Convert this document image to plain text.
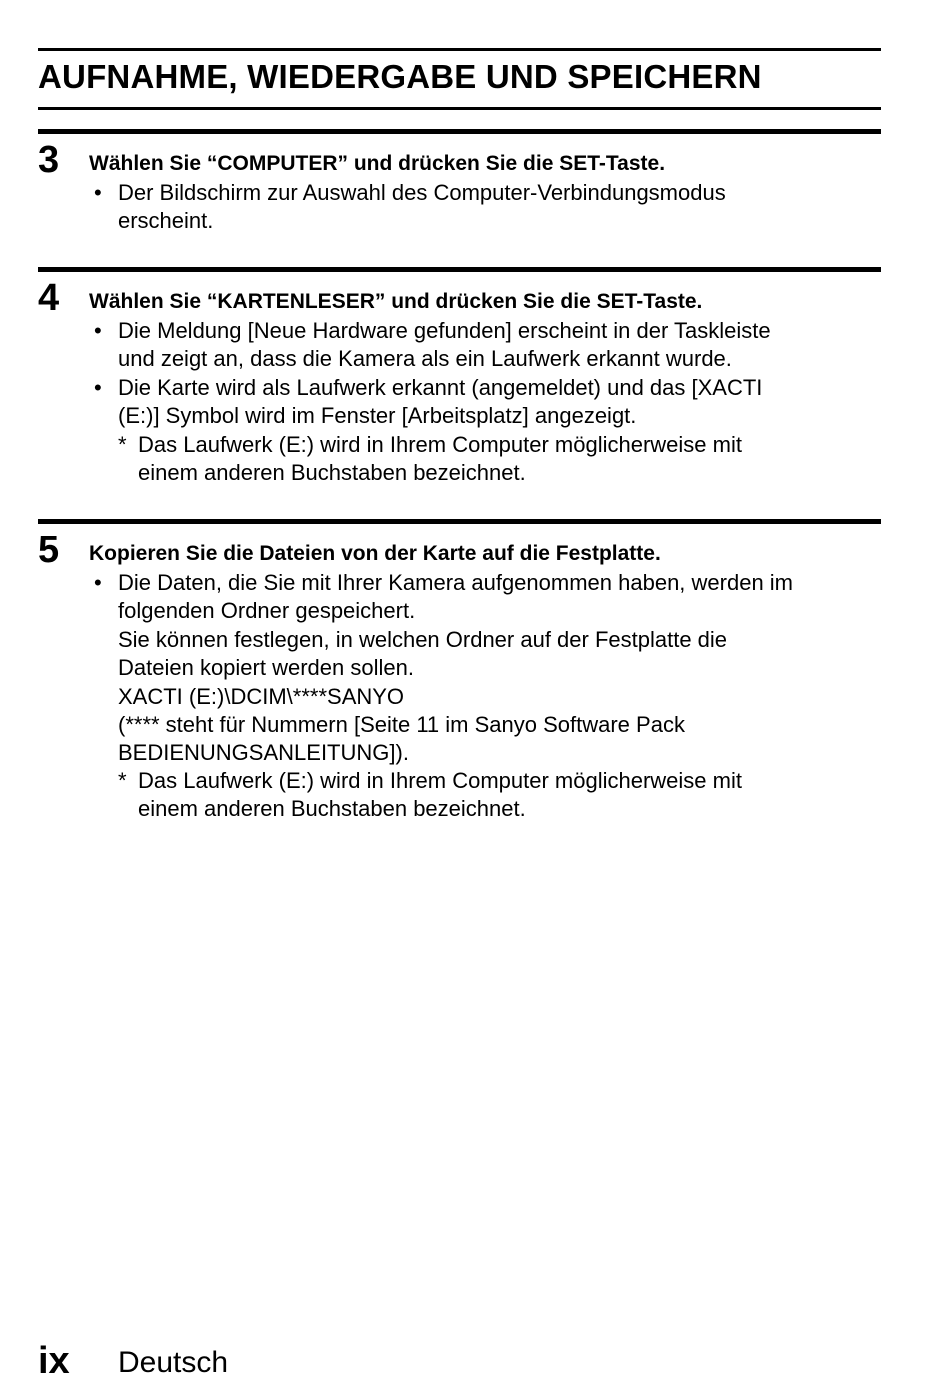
AUFNAHME, WIEDERGABE UND SPEICHERN
3 Wählen Sie “COMPUTER” und drücken Sie die SET-Taste.
• Der Bildschirm zur Auswahl des Computer-Verbindungsmodus
erscheint.
4 Wählen Sie “KARTENLESER” und drücken Sie die SET-Taste.
• Die Meldung [Neue Hardware gefunden] erscheint in der Taskleiste
und zeigt an, dass die Kamera als ein Laufwerk erkannt wurde.
• Die Karte wird als Laufwerk erkannt (angemeldet) und das [XACTI
(E:)] Symbol wird im Fenster [Arbeitsplatz] angezeigt.
* Das Laufwerk (E:) wird in Ihrem Computer möglicherweise mit
einem anderen Buchstaben bezeichnet.
5 Kopieren Sie die Dateien von der Karte auf die Festplatte.
• Die Daten, die Sie mit Ihrer Kamera aufgenommen haben, werden im
folgenden Ordner gespeichert.
Sie können festlegen, in welchen Ordner auf der Festplatte die
Dateien kopiert werden sollen.
XACTI (E:)\DCIM\****SANYO
(**** steht für Nummern [Seite 11 im Sanyo Software Pack
BEDIENUNGSANLEITUNG]).
* Das Laufwerk (E:) wird in Ihrem Computer möglicherweise mit
einem anderen Buchstaben bezeichnet.
ix Deutsch
